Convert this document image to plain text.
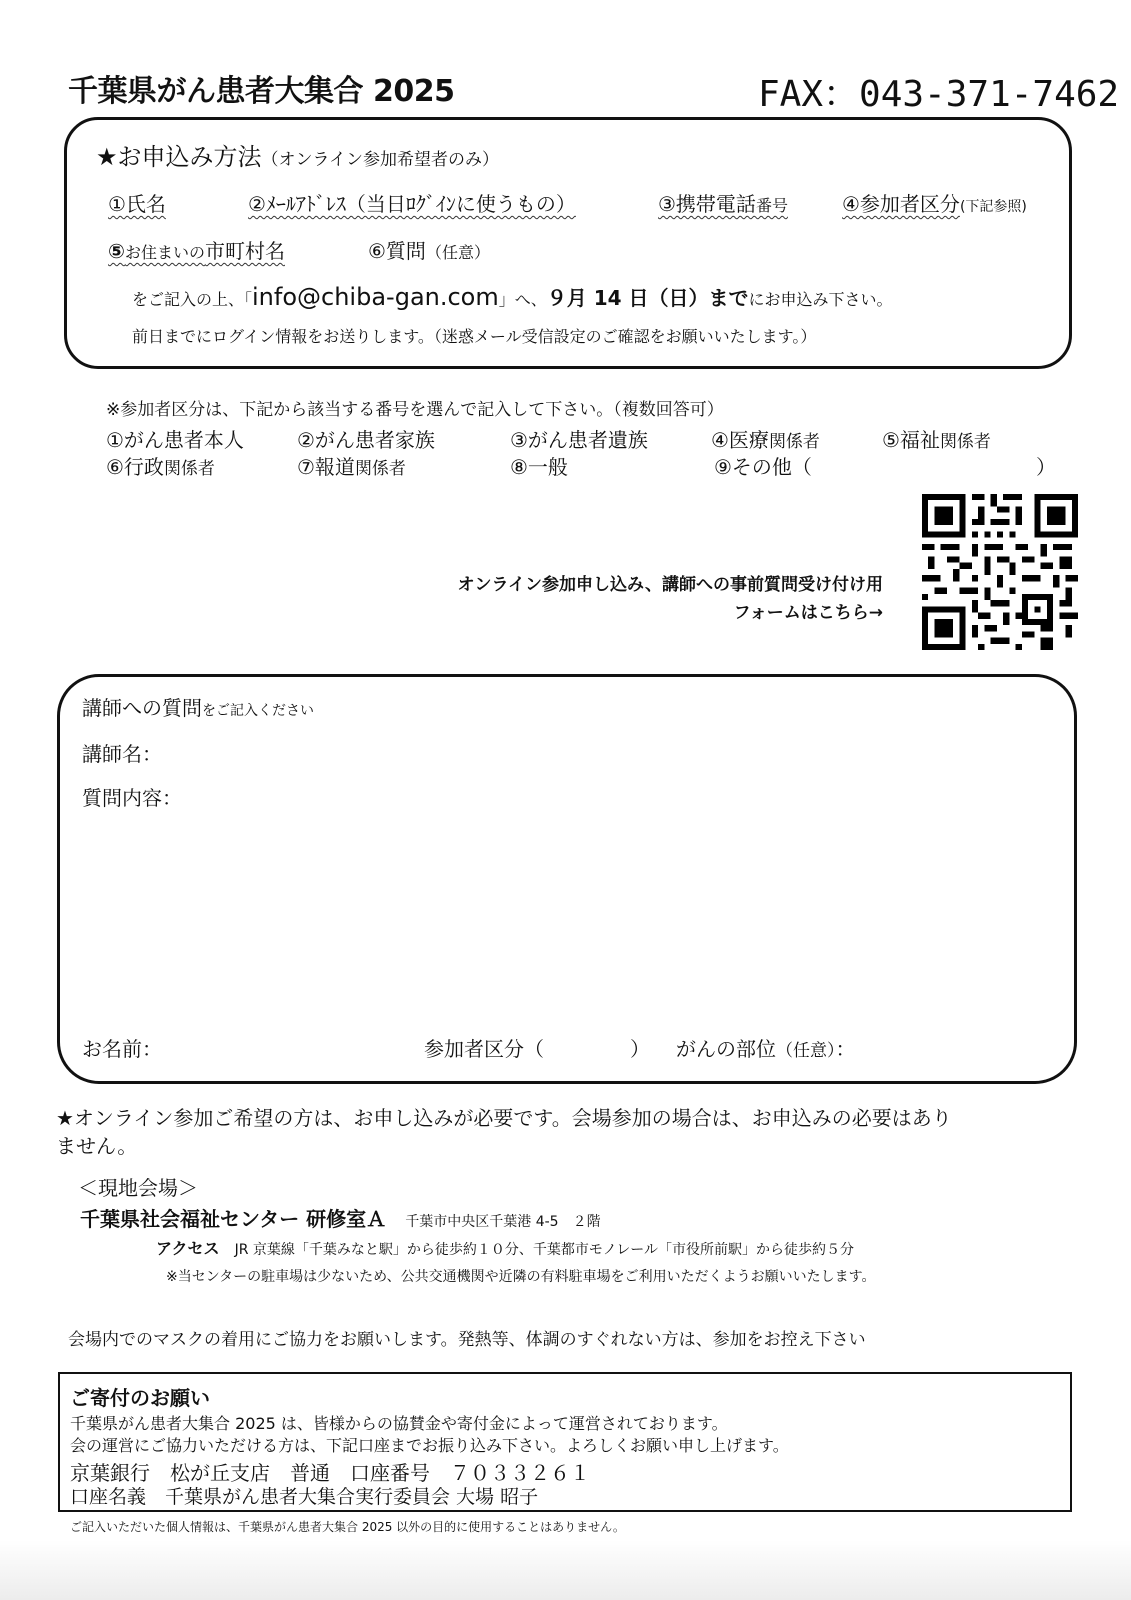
千葉県がん患者大集合 2025	FAX：043-371-7462
★お申込み方法（オンライン参加希望者のみ）
①氏名	②ﾒｰﾙｱﾄﾞﾚｽ（当日ﾛｸﾞｲﾝに使うもの）	③携帯電話番号	④参加者区分(下記参照)
⑤お住まいの市町村名	⑥質問（任意）
をご記入の上、「info@chiba-gan.com」へ、９月 14 日（日）までにお申込み下さい。
前日までにログイン情報をお送りします。（迷惑メール受信設定のご確認をお願いいたします。）
※参加者区分は、下記から該当する番号を選んで記入して下さい。（複数回答可）
①がん患者本人	②がん患者家族	③がん患者遺族	④医療関係者	⑤福祉関係者
⑥行政関係者	⑦報道関係者	⑧一般	⑨その他（	）
オンライン参加申し込み、講師への事前質問受け付け用
フォームはこちら→
講師への質問をご記入ください
講師名：
質問内容：
お名前：	参加者区分（	） がんの部位（任意）：
★オンライン参加ご希望の方は、お申し込みが必要です。会場参加の場合は、お申込みの必要はあり
ません。
＜現地会場＞
千葉県社会福祉センター 研修室Ａ 千葉市中央区千葉港 4-5　２階
アクセス JR 京葉線「千葉みなと駅」から徒歩約１０分、千葉都市モノレール「市役所前駅」から徒歩約５分
※当センターの駐車場は少ないため、公共交通機関や近隣の有料駐車場をご利用いただくようお願いいたします。
会場内でのマスクの着用にご協力をお願いします。発熱等、体調のすぐれない方は、参加をお控え下さい
ご寄付のお願い
千葉県がん患者大集合 2025 は、皆様からの協賛金や寄付金によって運営されております。
会の運営にご協力いただける方は、下記口座までお振り込み下さい。よろしくお願い申し上げます。
京葉銀行　松が丘支店　普通　口座番号　７０３３２６１
口座名義　千葉県がん患者大集合実行委員会 大場 昭子
ご記入いただいた個人情報は、千葉県がん患者大集合 2025 以外の目的に使用することはありません。
